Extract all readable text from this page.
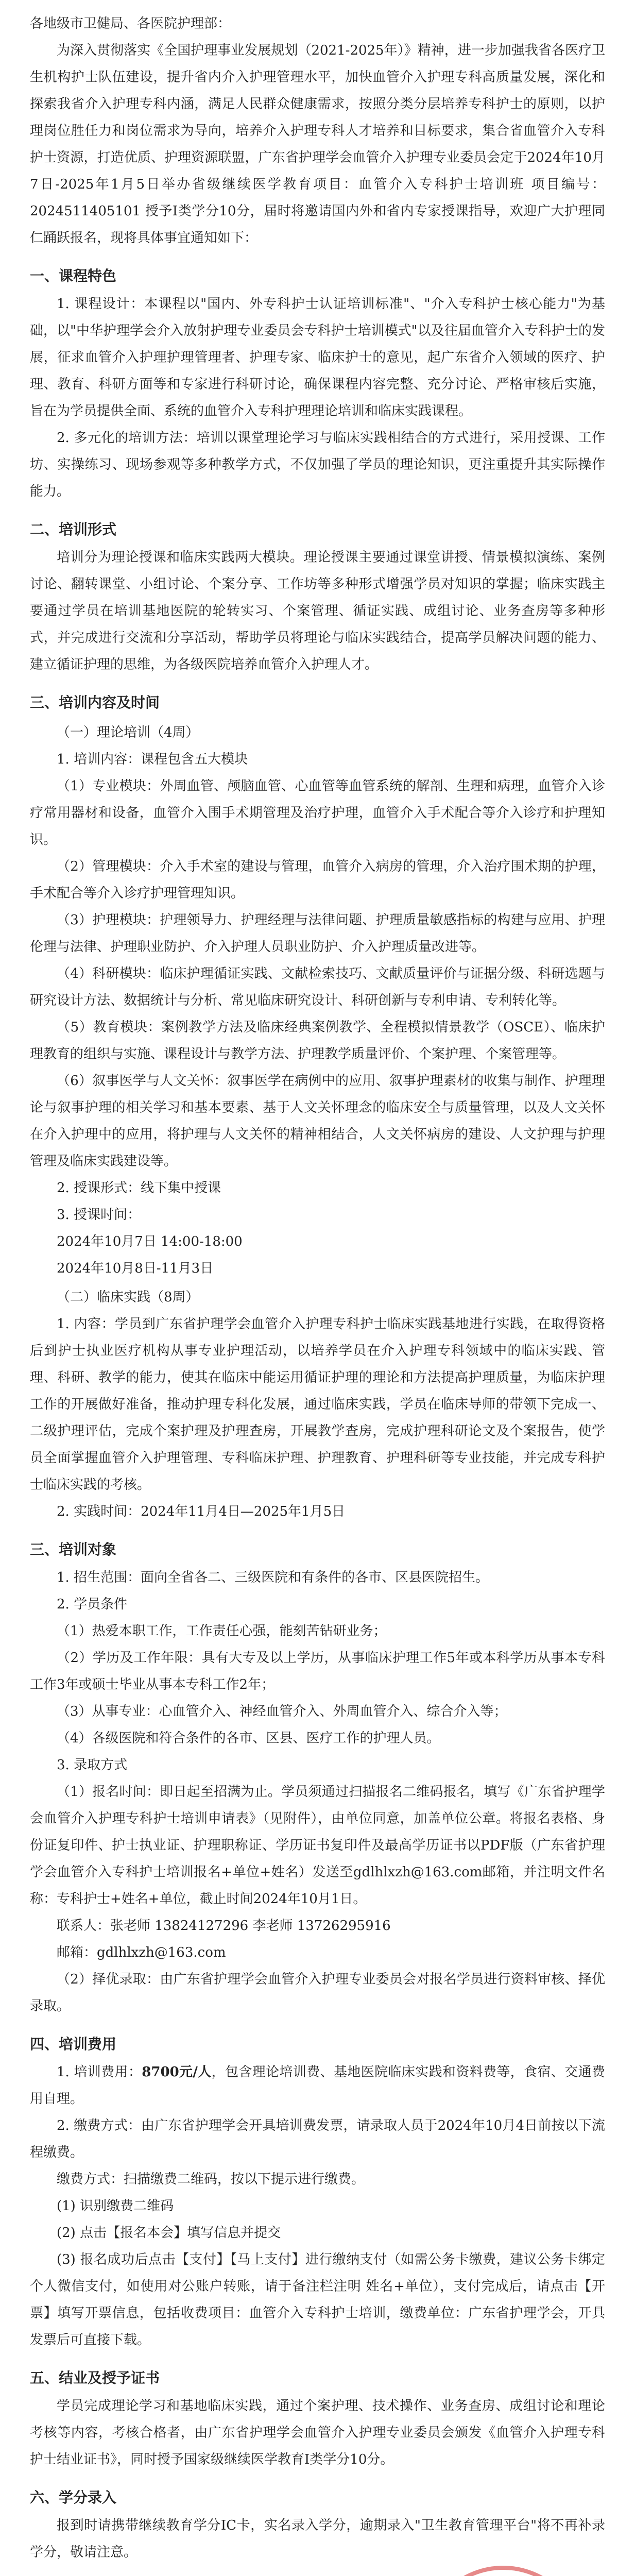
各地级市卫健局、各医院护理部：

为深入贯彻落实《全国护理事业发展规划（2021-2025年）》精神，进一步加强我省各医疗卫生机构护士队伍建设，提升省内介入护理管理水平，加快血管介入护理专科高质量发展，深化和探索我省介入护理专科内涵，满足人民群众健康需求，按照分类分层培养专科护士的原则，以护理岗位胜任力和岗位需求为导向，培养介入护理专科人才培养和目标要求，集合省血管介入专科护士资源，打造优质、护理资源联盟，广东省护理学会血管介入护理专业委员会定于2024年10月7日-2025年1月5日举办省级继续医学教育项目：血管介入专科护士培训班 项目编号：2024511405101 授予I类学分10分，届时将邀请国内外和省内专家授课指导，欢迎广大护理同仁踊跃报名，现将具体事宜通知如下：

一、课程特色

1. 课程设计：本课程以"国内、外专科护士认证培训标准"、"介入专科护士核心能力"为基础，以"中华护理学会介入放射护理专业委员会专科护士培训模式"以及往届血管介入专科护士的发展，征求血管介入护理护理管理者、护理专家、临床护士的意见，起广东省介入领域的医疗、护理、教育、科研方面等和专家进行科研讨论，确保课程内容完整、充分讨论、严格审核后实施，旨在为学员提供全面、系统的血管介入专科护理理论培训和临床实践课程。

2. 多元化的培训方法：培训以课堂理论学习与临床实践相结合的方式进行，采用授课、工作坊、实操练习、现场参观等多种教学方式，不仅加强了学员的理论知识，更注重提升其实际操作能力。

二、培训形式

培训分为理论授课和临床实践两大模块。理论授课主要通过课堂讲授、情景模拟演练、案例讨论、翻转课堂、小组讨论、个案分享、工作坊等多种形式增强学员对知识的掌握；临床实践主要通过学员在培训基地医院的轮转实习、个案管理、循证实践、成组讨论、业务查房等多种形式，并完成进行交流和分享活动，帮助学员将理论与临床实践结合，提高学员解决问题的能力、建立循证护理的思维，为各级医院培养血管介入护理人才。

三、培训内容及时间
（一）理论培训（4周）

1. 培训内容：课程包含五大模块

（1）专业模块：外周血管、颅脑血管、心血管等血管系统的解剖、生理和病理，血管介入诊疗常用器材和设备，血管介入围手术期管理及治疗护理，血管介入手术配合等介入诊疗和护理知识。

（2）管理模块：介入手术室的建设与管理，血管介入病房的管理，介入治疗围术期的护理，手术配合等介入诊疗护理管理知识。

（3）护理模块：护理领导力、护理经理与法律问题、护理质量敏感指标的构建与应用、护理伦理与法律、护理职业防护、介入护理人员职业防护、介入护理质量改进等。

（4）科研模块：临床护理循证实践、文献检索技巧、文献质量评价与证据分级、科研选题与研究设计方法、数据统计与分析、常见临床研究设计、科研创新与专利申请、专利转化等。

（5）教育模块：案例教学方法及临床经典案例教学、全程模拟情景教学（OSCE）、临床护理教育的组织与实施、课程设计与教学方法、护理教学质量评价、个案护理、个案管理等。

（6）叙事医学与人文关怀：叙事医学在病例中的应用、叙事护理素材的收集与制作、护理理论与叙事护理的相关学习和基本要素、基于人文关怀理念的临床安全与质量管理，以及人文关怀在介入护理中的应用，将护理与人文关怀的精神相结合，人文关怀病房的建设、人文护理与护理管理及临床实践建设等。

2. 授课形式：线下集中授课

3. 授课时间：

2024年10月7日 14:00-18:00

2024年10月8日-11月3日

（二）临床实践（8周）

1. 内容：学员到广东省护理学会血管介入护理专科护士临床实践基地进行实践，在取得资格后到护士执业医疗机构从事专业护理活动，以培养学员在介入护理专科领域中的临床实践、管理、科研、教学的能力，使其在临床中能运用循证护理的理论和方法提高护理质量，为临床护理工作的开展做好准备，推动护理专科化发展，通过临床实践，学员在临床导师的带领下完成一、二级护理评估，完成个案护理及护理查房，开展教学查房，完成护理科研论文及个案报告，使学员全面掌握血管介入护理管理、专科临床护理、护理教育、护理科研等专业技能，并完成专科护士临床实践的考核。

2. 实践时间：2024年11月4日—2025年1月5日

三、培训对象

1. 招生范围：面向全省各二、三级医院和有条件的各市、区县医院招生。

2. 学员条件

（1）热爱本职工作，工作责任心强，能刻苦钻研业务；

（2）学历及工作年限：具有大专及以上学历，从事临床护理工作5年或本科学历从事本专科工作3年或硕士毕业从事本专科工作2年；

（3）从事专业：心血管介入、神经血管介入、外周血管介入、综合介入等；

（4）各级医院和符合条件的各市、区县、医疗工作的护理人员。

3. 录取方式

（1）报名时间：即日起至招满为止。学员须通过扫描报名二维码报名，填写《广东省护理学会血管介入护理专科护士培训申请表》（见附件），由单位同意，加盖单位公章。将报名表格、身份证复印件、护士执业证、护理职称证、学历证书复印件及最高学历证书以PDF版（广东省护理学会血管介入专科护士培训报名+单位+姓名）发送至gdlhlxzh@163.com邮箱，并注明文件名称：专科护士+姓名+单位，截止时间2024年10月1日。

联系人：张老师 13824127296 李老师 13726295916

邮箱：gdlhlxzh@163.com

（2）择优录取：由广东省护理学会血管介入护理专业委员会对报名学员进行资料审核、择优录取。

四、培训费用

1. 培训费用：8700元/人，包含理论培训费、基地医院临床实践和资料费等，食宿、交通费用自理。

2. 缴费方式：由广东省护理学会开具培训费发票，请录取人员于2024年10月4日前按以下流程缴费。

缴费方式：扫描缴费二维码，按以下提示进行缴费。

(1) 识别缴费二维码

(2) 点击【报名本会】填写信息并提交

(3) 报名成功后点击【支付】【马上支付】进行缴纳支付（如需公务卡缴费，建议公务卡绑定个人微信支付，如使用对公账户转账，请于备注栏注明 姓名+单位），支付完成后，请点击【开票】填写开票信息，包括收费项目：血管介入专科护士培训，缴费单位：广东省护理学会，开具发票后可直接下载。

五、结业及授予证书

学员完成理论学习和基地临床实践，通过个案护理、技术操作、业务查房、成组讨论和理论考核等内容，考核合格者，由广东省护理学会血管介入护理专业委员会颁发《血管介入护理专科护士结业证书》，同时授予国家级继续医学教育I类学分10分。

六、学分录入

报到时请携带继续教育学分IC卡，实名录入学分，逾期录入"卫生教育管理平台"将不再补录学分，敬请注意。
